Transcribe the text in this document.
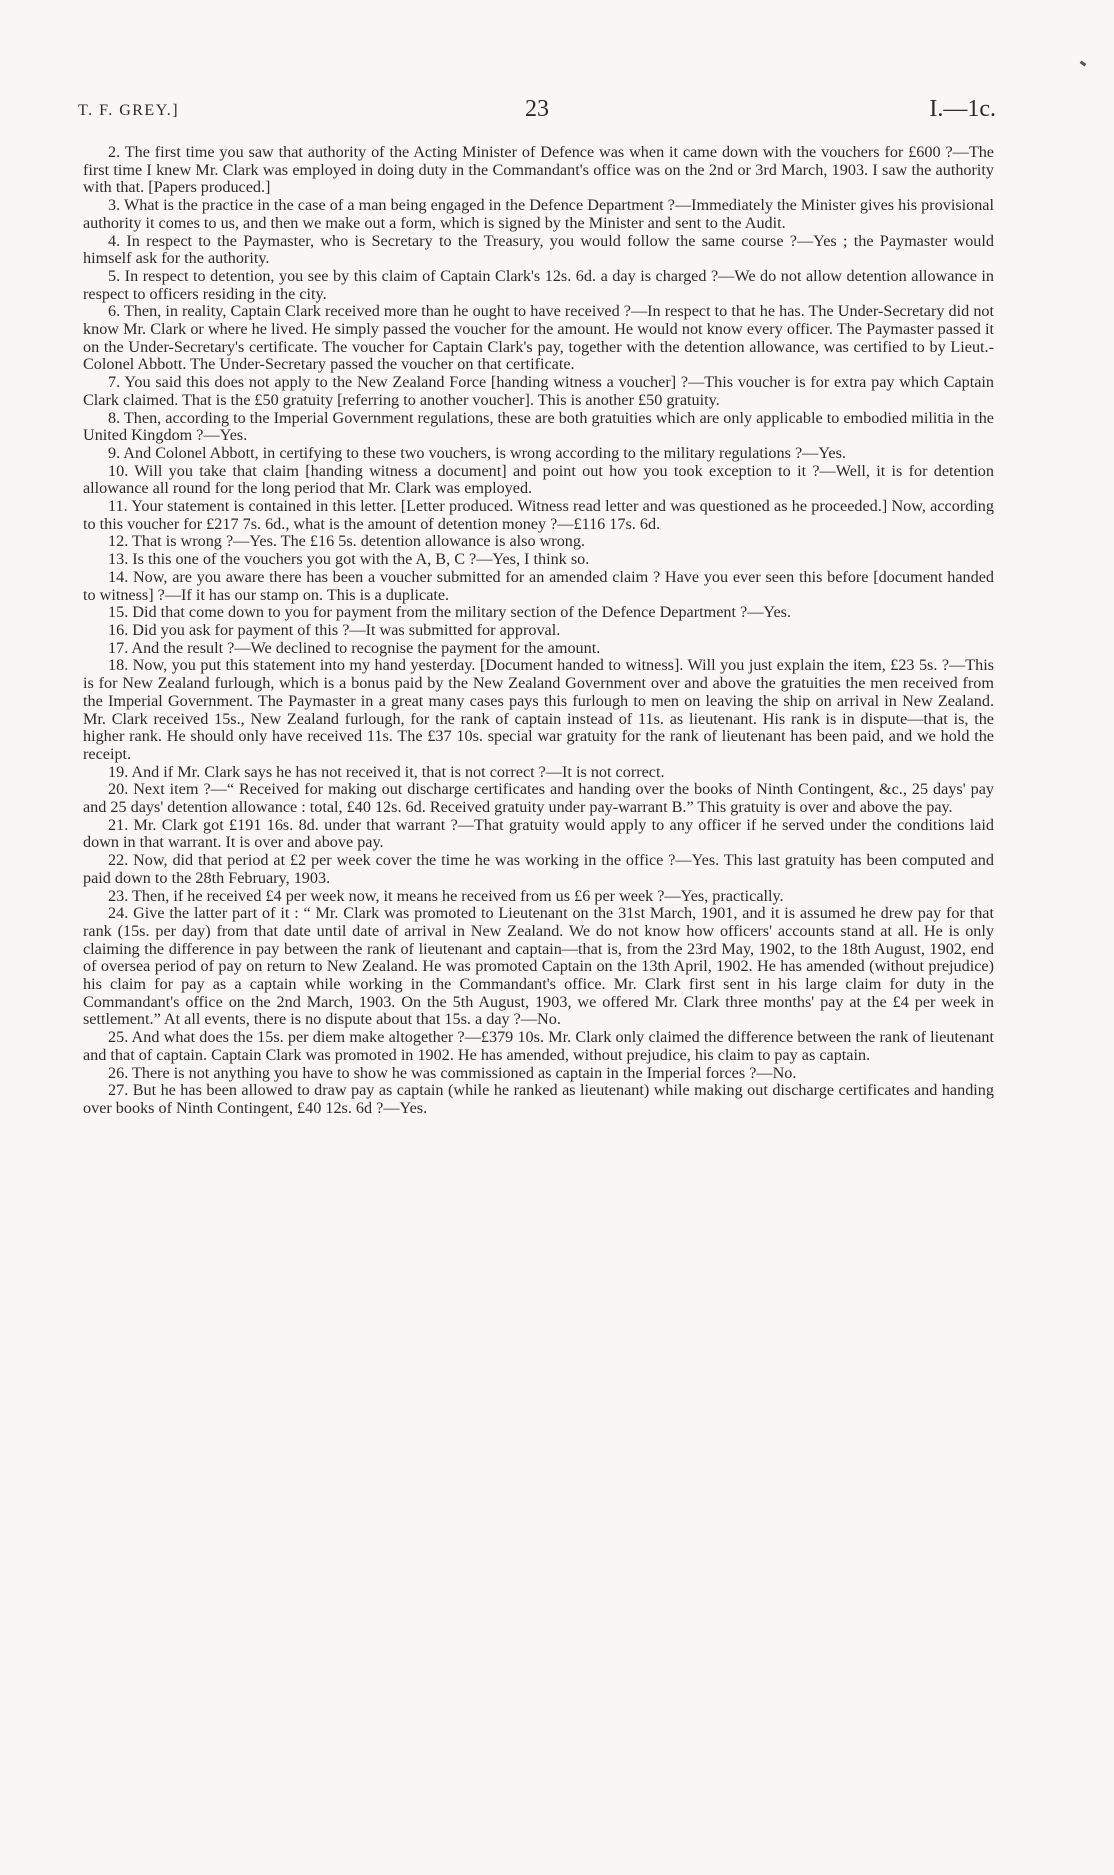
T. F. GREY.]	23	I.—1c.

2. The first time you saw that authority of the Acting Minister of Defence was when it came down with the vouchers for £600 ?—The first time I knew Mr. Clark was employed in doing duty in the Commandant's office was on the 2nd or 3rd March, 1903. I saw the authority with that. [Papers produced.]

3. What is the practice in the case of a man being engaged in the Defence Department ?—Immediately the Minister gives his provisional authority it comes to us, and then we make out a form, which is signed by the Minister and sent to the Audit.

4. In respect to the Paymaster, who is Secretary to the Treasury, you would follow the same course ?—Yes ; the Paymaster would himself ask for the authority.

5. In respect to detention, you see by this claim of Captain Clark's 12s. 6d. a day is charged ?—We do not allow detention allowance in respect to officers residing in the city.

6. Then, in reality, Captain Clark received more than he ought to have received ?—In respect to that he has. The Under-Secretary did not know Mr. Clark or where he lived. He simply passed the voucher for the amount. He would not know every officer. The Paymaster passed it on the Under-Secretary's certificate. The voucher for Captain Clark's pay, together with the detention allowance, was certified to by Lieut.-Colonel Abbott. The Under-Secretary passed the voucher on that certificate.

7. You said this does not apply to the New Zealand Force [handing witness a voucher] ?—This voucher is for extra pay which Captain Clark claimed. That is the £50 gratuity [referring to another voucher]. This is another £50 gratuity.

8. Then, according to the Imperial Government regulations, these are both gratuities which are only applicable to embodied militia in the United Kingdom ?—Yes.

9. And Colonel Abbott, in certifying to these two vouchers, is wrong according to the military regulations ?—Yes.

10. Will you take that claim [handing witness a document] and point out how you took exception to it ?—Well, it is for detention allowance all round for the long period that Mr. Clark was employed.

11. Your statement is contained in this letter. [Letter produced. Witness read letter and was questioned as he proceeded.] Now, according to this voucher for £217 7s. 6d., what is the amount of detention money ?—£116 17s. 6d.

12. That is wrong ?—Yes. The £16 5s. detention allowance is also wrong.

13. Is this one of the vouchers you got with the A, B, C ?—Yes, I think so.

14. Now, are you aware there has been a voucher submitted for an amended claim ? Have you ever seen this before [document handed to witness] ?—If it has our stamp on. This is a duplicate.

15. Did that come down to you for payment from the military section of the Defence Department ?—Yes.

16. Did you ask for payment of this ?—It was submitted for approval.

17. And the result ?—We declined to recognise the payment for the amount.

18. Now, you put this statement into my hand yesterday. [Document handed to witness]. Will you just explain the item, £23 5s. ?—This is for New Zealand furlough, which is a bonus paid by the New Zealand Government over and above the gratuities the men received from the Imperial Government. The Paymaster in a great many cases pays this furlough to men on leaving the ship on arrival in New Zealand. Mr. Clark received 15s., New Zealand furlough, for the rank of captain instead of 11s. as lieutenant. His rank is in dispute—that is, the higher rank. He should only have received 11s. The £37 10s. special war gratuity for the rank of lieutenant has been paid, and we hold the receipt.

19. And if Mr. Clark says he has not received it, that is not correct ?—It is not correct.

20. Next item ?—“ Received for making out discharge certificates and handing over the books of Ninth Contingent, &c., 25 days' pay and 25 days' detention allowance : total, £40 12s. 6d. Received gratuity under pay-warrant B.” This gratuity is over and above the pay.

21. Mr. Clark got £191 16s. 8d. under that warrant ?—That gratuity would apply to any officer if he served under the conditions laid down in that warrant. It is over and above pay.

22. Now, did that period at £2 per week cover the time he was working in the office ?—Yes. This last gratuity has been computed and paid down to the 28th February, 1903.

23. Then, if he received £4 per week now, it means he received from us £6 per week ?—Yes, practically.

24. Give the latter part of it : “ Mr. Clark was promoted to Lieutenant on the 31st March, 1901, and it is assumed he drew pay for that rank (15s. per day) from that date until date of arrival in New Zealand. We do not know how officers' accounts stand at all. He is only claiming the difference in pay between the rank of lieutenant and captain—that is, from the 23rd May, 1902, to the 18th August, 1902, end of oversea period of pay on return to New Zealand. He was promoted Captain on the 13th April, 1902. He has amended (without prejudice) his claim for pay as a captain while working in the Commandant's office. Mr. Clark first sent in his large claim for duty in the Commandant's office on the 2nd March, 1903. On the 5th August, 1903, we offered Mr. Clark three months' pay at the £4 per week in settlement.” At all events, there is no dispute about that 15s. a day ?—No.

25. And what does the 15s. per diem make altogether ?—£379 10s. Mr. Clark only claimed the difference between the rank of lieutenant and that of captain. Captain Clark was promoted in 1902. He has amended, without prejudice, his claim to pay as captain.

26. There is not anything you have to show he was commissioned as captain in the Imperial forces ?—No.

27. But he has been allowed to draw pay as captain (while he ranked as lieutenant) while making out discharge certificates and handing over books of Ninth Contingent, £40 12s. 6d ?—Yes.
